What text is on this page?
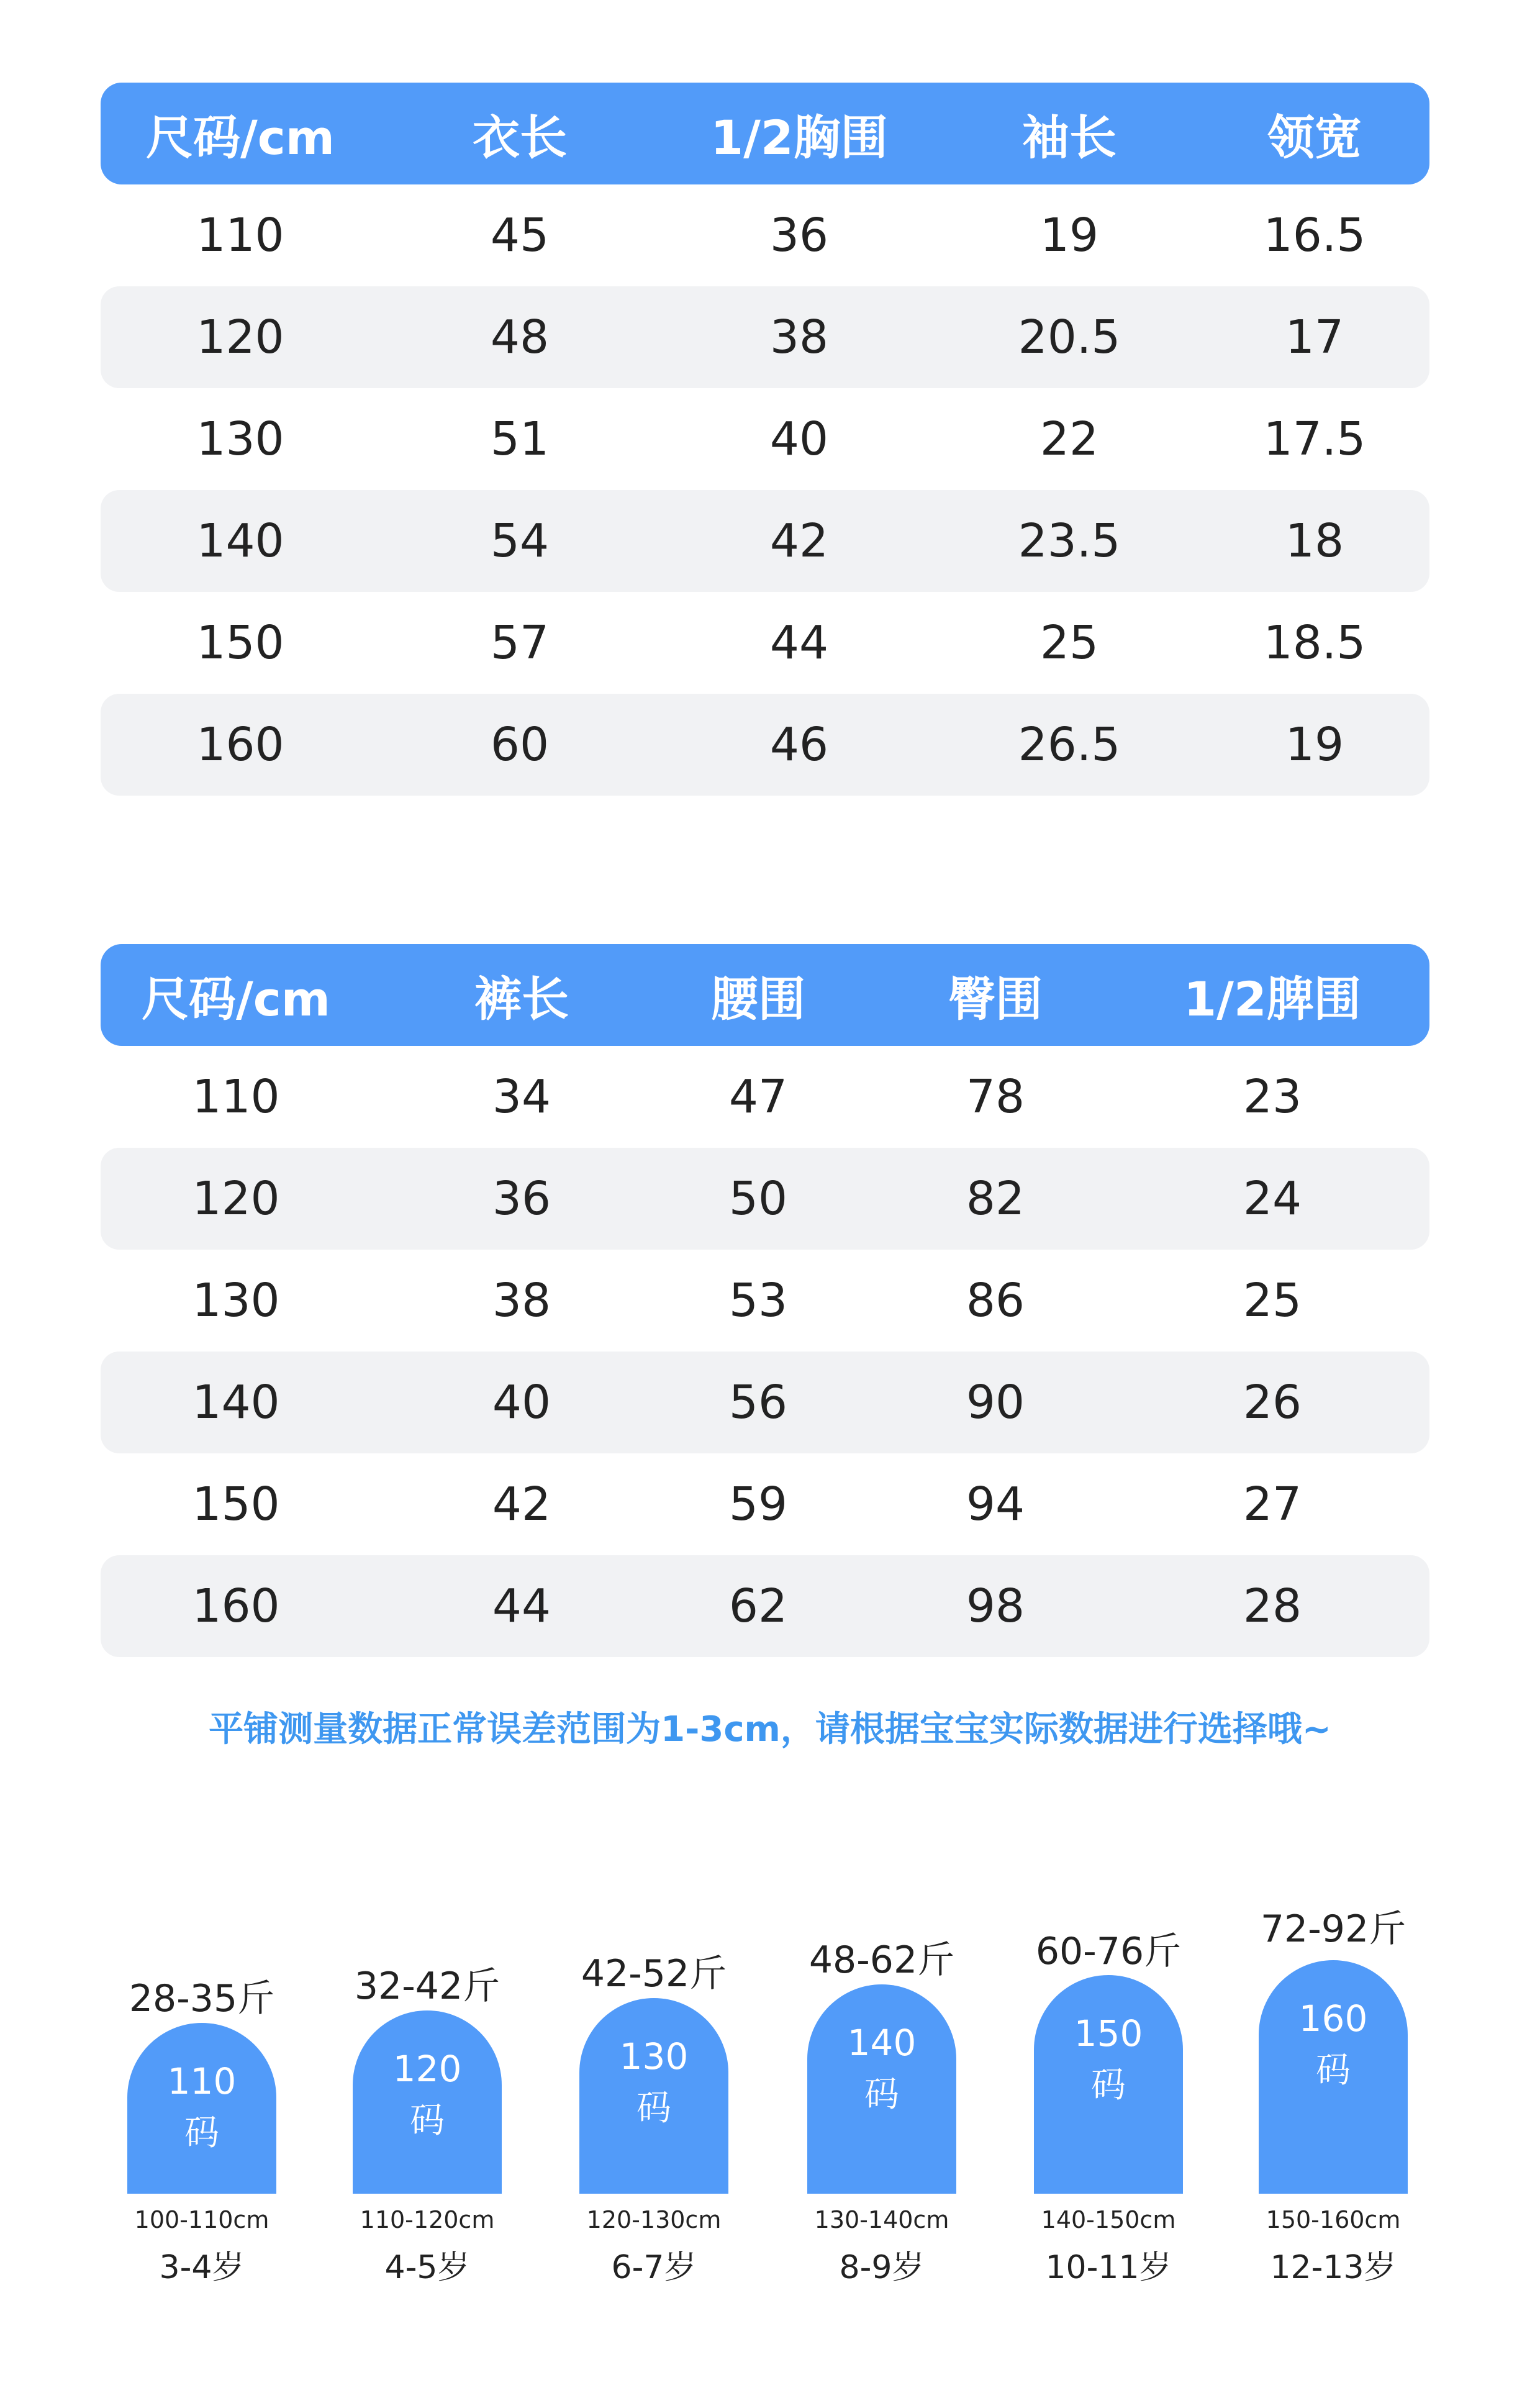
尺码/cm	衣长	1/2胸围	袖长	领宽
110	45	36	19	16.5
120	48	38	20.5	17
130	51	40	22	17.5
140	54	42	23.5	18
150	57	44	25	18.5
160	60	46	26.5	19
尺码/cm	裤长	腰围	臀围	1/2脾围
110	34	47	78	23
120	36	50	82	24
130	38	53	86	25
140	40	56	90	26
150	42	59	94	27
160	44	62	98	28
平铺测量数据正常误差范围为1-3cm，请根据宝宝实际数据进行选择哦~
28-35斤
110
码
100-110cm
3-4岁
32-42斤
120
码
110-120cm
4-5岁
42-52斤
130
码
120-130cm
6-7岁
48-62斤
140
码
130-140cm
8-9岁
60-76斤
150
码
140-150cm
10-11岁
72-92斤
160
码
150-160cm
12-13岁
